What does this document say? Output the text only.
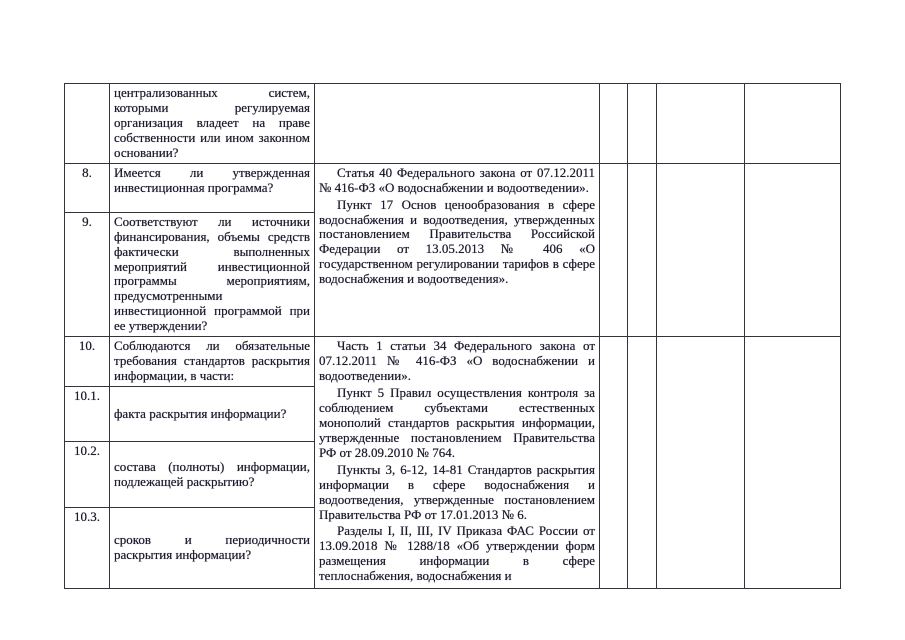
	централизованных систем, которыми регулируемая организация владеет на праве собственности или ином законном основании?					
8.	Имеется ли утвержденная инвестиционная программа?	Статья 40 Федерального закона от 07.12.2011 № 416-ФЗ «О водоснабжении и водоотведении».

Пункт 17 Основ ценообразования в сфере водоснабжения и водоотведения, утвержденных постановлением Правительства Российской Федерации от 13.05.2013 № 406 «О государственном регулировании тарифов в сфере водоснабжения и водоотведения».				

9.	Соответствуют ли источники финансирования, объемы средств фактически выполненных мероприятий инвестиционной программы мероприятиям, предусмотренными инвестиционной программой при ее утверждении?					
10.	Соблюдаются ли обязательные требования стандартов раскрытия информации, в части:	Часть 1 статьи 34 Федерального закона от 07.12.2011 № 416-ФЗ «О водоснабжении и водоотведении».

Пункт 5 Правил осуществления контроля за соблюдением субъектами естественных монополий стандартов раскрытия информации, утвержденные постановлением Правительства РФ от 28.09.2010 № 764.

Пункты 3, 6-12, 14-81 Стандартов раскрытия информации в сфере водоснабжения и водоотведения, утвержденные постановлением Правительства РФ от 17.01.2013 № 6.

Разделы I, II, III, IV Приказа ФАС России от 13.09.2018 № 1288/18 «Об утверждении форм размещения информации в сфере теплоснабжения, водоснабжения и				

10.1.	факта раскрытия информации?					
10.2.	состава (полноты) информации, подлежащей раскрытию?					
10.3.	сроков и периодичности раскрытия информации?					
